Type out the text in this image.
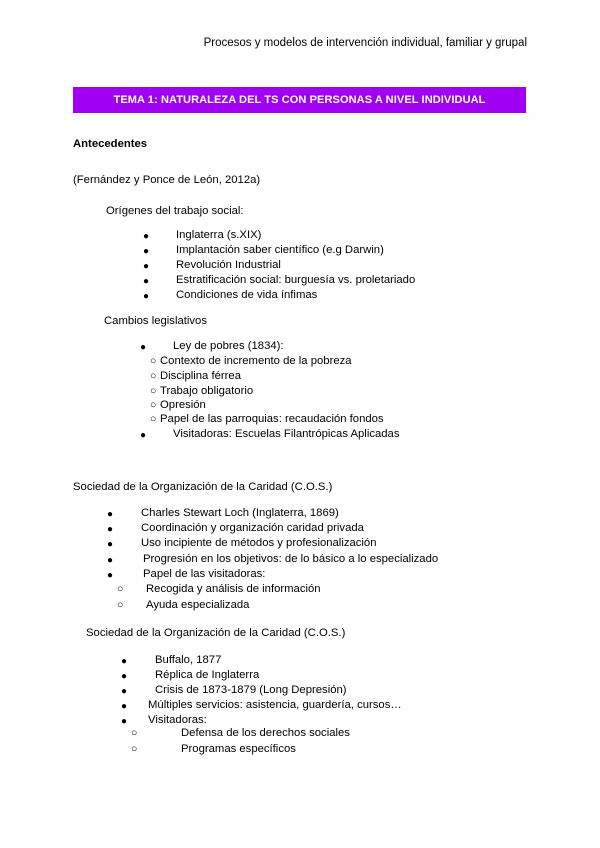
Procesos y modelos de intervención individual, familiar y grupal
TEMA 1: NATURALEZA DEL TS CON PERSONAS A NIVEL INDIVIDUAL
Antecedentes
(Fernández y Ponce de León, 2012a)
Orígenes del trabajo social:
● Inglaterra (s.XIX)
● Implantación saber científico (e.g Darwin)
● Revolución Industrial
● Estratificación social: burguesía vs. proletariado
● Condiciones de vida ínfimas
Cambios legislativos
● Ley de pobres (1834):
○ Contexto de incremento de la pobreza
○ Disciplina férrea
○ Trabajo obligatorio
○ Opresión
○ Papel de las parroquias: recaudación fondos
● Visitadoras: Escuelas Filantrópicas Aplicadas
Sociedad de la Organización de la Caridad (C.O.S.)
● Charles Stewart Loch (Inglaterra, 1869)
● Coordinación y organización caridad privada
● Uso incipiente de métodos y profesionalización
●	Progresión en los objetivos: de lo básico a lo especializado
●	Papel de las visitadoras:
○ Recogida y análisis de información
○ Ayuda especializada
Sociedad de la Organización de la Caridad (C.O.S.)
● Buffalo, 1877
● Réplica de Inglaterra
● Crisis de 1873-1879 (Long Depresión)
● Múltiples servicios: asistencia, guardería, cursos…
● Visitadoras:
○	Defensa de los derechos sociales
○	Programas específicos
